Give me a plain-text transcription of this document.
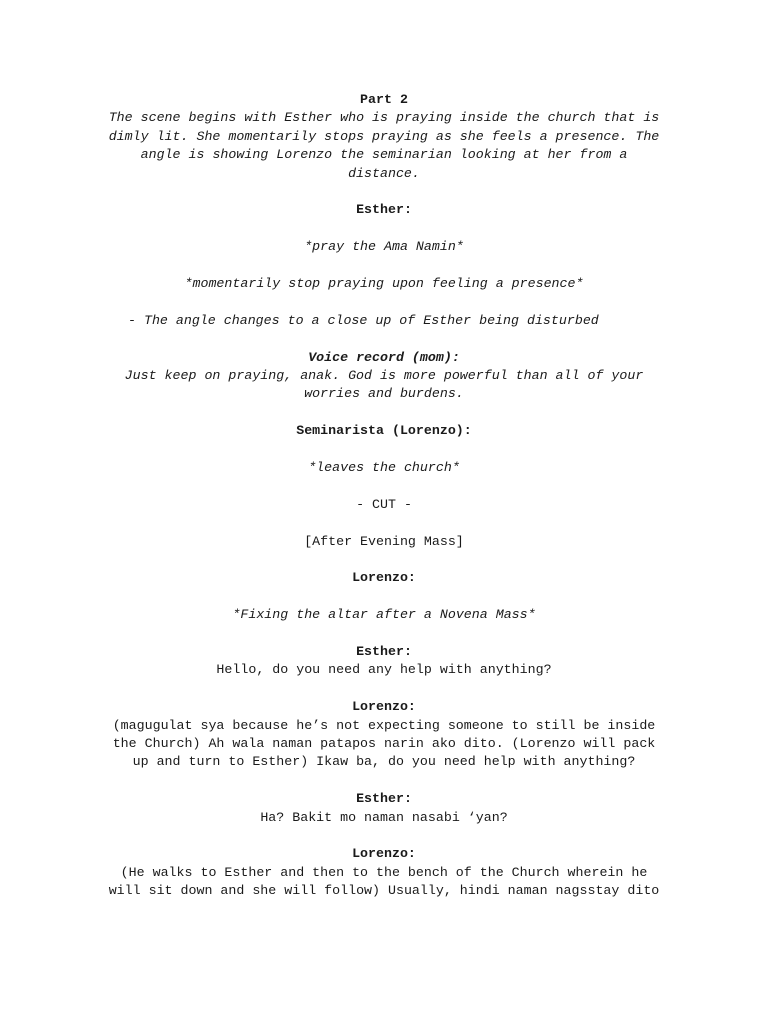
Part 2
The scene begins with Esther who is praying inside the church that is
dimly lit. She momentarily stops praying as she feels a presence. The
angle is showing Lorenzo the seminarian looking at her from a
distance.
Esther:
*pray the Ama Namin*
*momentarily stop praying upon feeling a presence*
- The angle changes to a close up of Esther being disturbed
Voice record (mom):
Just keep on praying, anak. God is more powerful than all of your
worries and burdens.
Seminarista (Lorenzo):
*leaves the church*
- CUT -
[After Evening Mass]
Lorenzo:
*Fixing the altar after a Novena Mass*
Esther:
Hello, do you need any help with anything?
Lorenzo:
(magugulat sya because he’s not expecting someone to still be inside
the Church) Ah wala naman patapos narin ako dito. (Lorenzo will pack
up and turn to Esther) Ikaw ba, do you need help with anything?
Esther:
Ha? Bakit mo naman nasabi ‘yan?
Lorenzo:
(He walks to Esther and then to the bench of the Church wherein he
will sit down and she will follow) Usually, hindi naman nagsstay dito
